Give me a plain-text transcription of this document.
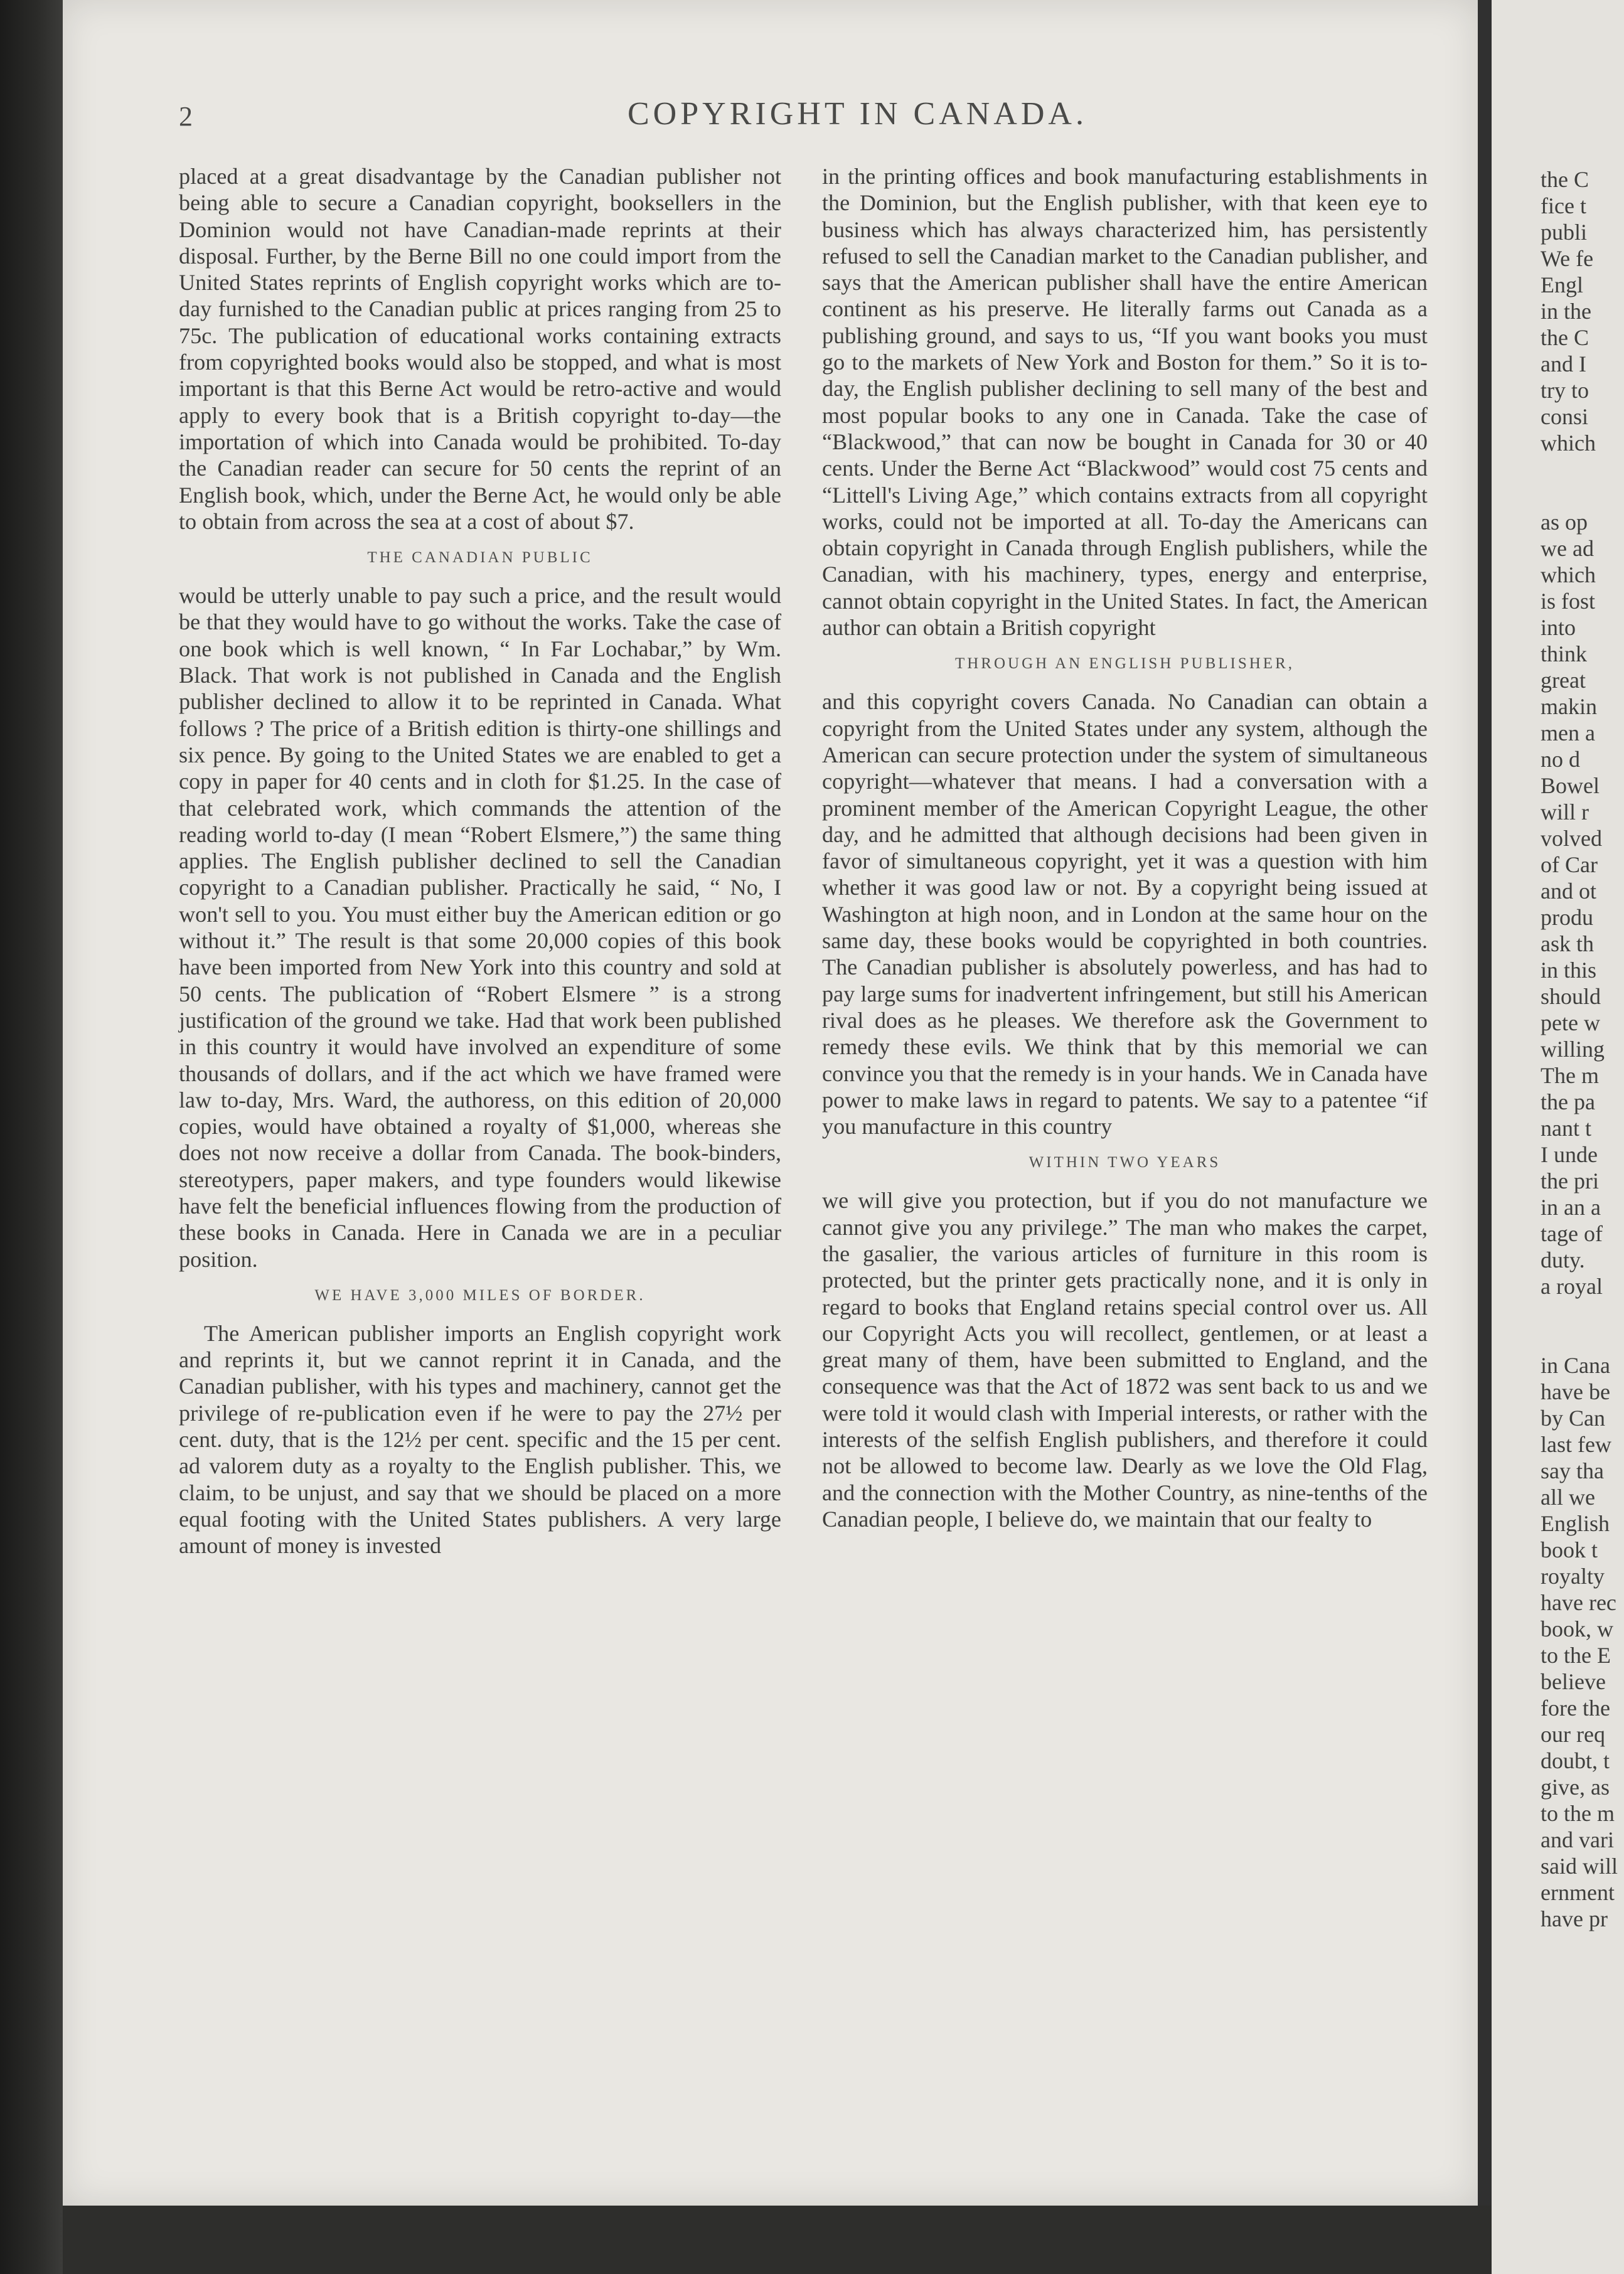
2	COPYRIGHT IN CANADA.

placed at a great disadvantage by the Canadian publisher not being able to secure a Canadian copyright, booksellers in the Dominion would not have Canadian-made reprints at their disposal. Further, by the Berne Bill no one could import from the United States reprints of English copyright works which are to-day furnished to the Canadian public at prices ranging from 25 to 75c. The publication of educational works containing extracts from copyrighted books would also be stopped, and what is most important is that this Berne Act would be retro-active and would apply to every book that is a British copyright to-day—the importation of which into Canada would be prohibited. To-day the Canadian reader can secure for 50 cents the reprint of an English book, which, under the Berne Act, he would only be able to obtain from across the sea at a cost of about $7.

THE CANADIAN PUBLIC

would be utterly unable to pay such a price, and the result would be that they would have to go without the works. Take the case of one book which is well known, “ In Far Lochabar,” by Wm. Black. That work is not published in Canada and the English publisher declined to allow it to be reprinted in Canada. What follows ? The price of a British edition is thirty-one shillings and six pence. By going to the United States we are enabled to get a copy in paper for 40 cents and in cloth for $1.25. In the case of that celebrated work, which commands the attention of the reading world to-day (I mean “Robert Elsmere,”) the same thing applies. The English publisher declined to sell the Canadian copyright to a Canadian publisher. Practically he said, “ No, I won't sell to you. You must either buy the American edition or go without it.” The result is that some 20,000 copies of this book have been imported from New York into this country and sold at 50 cents. The publication of “Robert Elsmere ” is a strong justification of the ground we take. Had that work been published in this country it would have involved an expenditure of some thousands of dollars, and if the act which we have framed were law to-day, Mrs. Ward, the authoress, on this edition of 20,000 copies, would have obtained a royalty of $1,000, whereas she does not now receive a dollar from Canada. The book-binders, stereotypers, paper makers, and type founders would likewise have felt the beneficial influences flowing from the production of these books in Canada. Here in Canada we are in a peculiar position.

WE HAVE 3,000 MILES OF BORDER.

The American publisher imports an English copyright work and reprints it, but we cannot reprint it in Canada, and the Canadian publisher, with his types and machinery, cannot get the privilege of re-publication even if he were to pay the 27½ per cent. duty, that is the 12½ per cent. specific and the 15 per cent. ad valorem duty as a royalty to the English publisher. This, we claim, to be unjust, and say that we should be placed on a more equal footing with the United States publishers. A very large amount of money is invested

in the printing offices and book manufacturing establishments in the Dominion, but the English publisher, with that keen eye to business which has always characterized him, has persistently refused to sell the Canadian market to the Canadian publisher, and says that the American publisher shall have the entire American continent as his preserve. He literally farms out Canada as a publishing ground, and says to us, “If you want books you must go to the markets of New York and Boston for them.” So it is to-day, the English publisher declining to sell many of the best and most popular books to any one in Canada. Take the case of “Blackwood,” that can now be bought in Canada for 30 or 40 cents. Under the Berne Act “Blackwood” would cost 75 cents and “Littell's Living Age,” which contains extracts from all copyright works, could not be imported at all. To-day the Americans can obtain copyright in Canada through English publishers, while the Canadian, with his machinery, types, energy and enterprise, cannot obtain copyright in the United States. In fact, the American author can obtain a British copyright

THROUGH AN ENGLISH PUBLISHER,

and this copyright covers Canada. No Canadian can obtain a copyright from the United States under any system, although the American can secure protection under the system of simultaneous copyright—whatever that means. I had a conversation with a prominent member of the American Copyright League, the other day, and he admitted that although decisions had been given in favor of simultaneous copyright, yet it was a question with him whether it was good law or not. By a copyright being issued at Washington at high noon, and in London at the same hour on the same day, these books would be copyrighted in both countries. The Canadian publisher is absolutely powerless, and has had to pay large sums for inadvertent infringement, but still his American rival does as he pleases. We therefore ask the Government to remedy these evils. We think that by this memorial we can convince you that the remedy is in your hands. We in Canada have power to make laws in regard to patents. We say to a patentee “if you manufacture in this country

WITHIN TWO YEARS

we will give you protection, but if you do not manufacture we cannot give you any privilege.” The man who makes the carpet, the gasalier, the various articles of furniture in this room is protected, but the printer gets practically none, and it is only in regard to books that England retains special control over us. All our Copyright Acts you will recollect, gentlemen, or at least a great many of them, have been submitted to England, and the consequence was that the Act of 1872 was sent back to us and we were told it would clash with Imperial interests, or rather with the interests of the selfish English publishers, and therefore it could not be allowed to become law. Dearly as we love the Old Flag, and the connection with the Mother Country, as nine-tenths of the Canadian people, I believe do, we maintain that our fealty to

the C
fice t
publi
We fe
Engl
in the
the C
and I
try to
consi
which
as op
we ad
which
is fost
into
think
great
makin
men a
no d
Bowel
will r
volved
of Car
and ot
produ
ask th
in this
should
pete w
willing
The m
the pa
nant t
I unde
the pri
in an a
tage of
duty.
a royal
in Cana
have be
by Can
last few
say tha
all we
English
book t
royalty
have rec
book, w
to the E
believe
fore the
our req
doubt, t
give, as
to the m
and vari
said will
ernment
have pr
